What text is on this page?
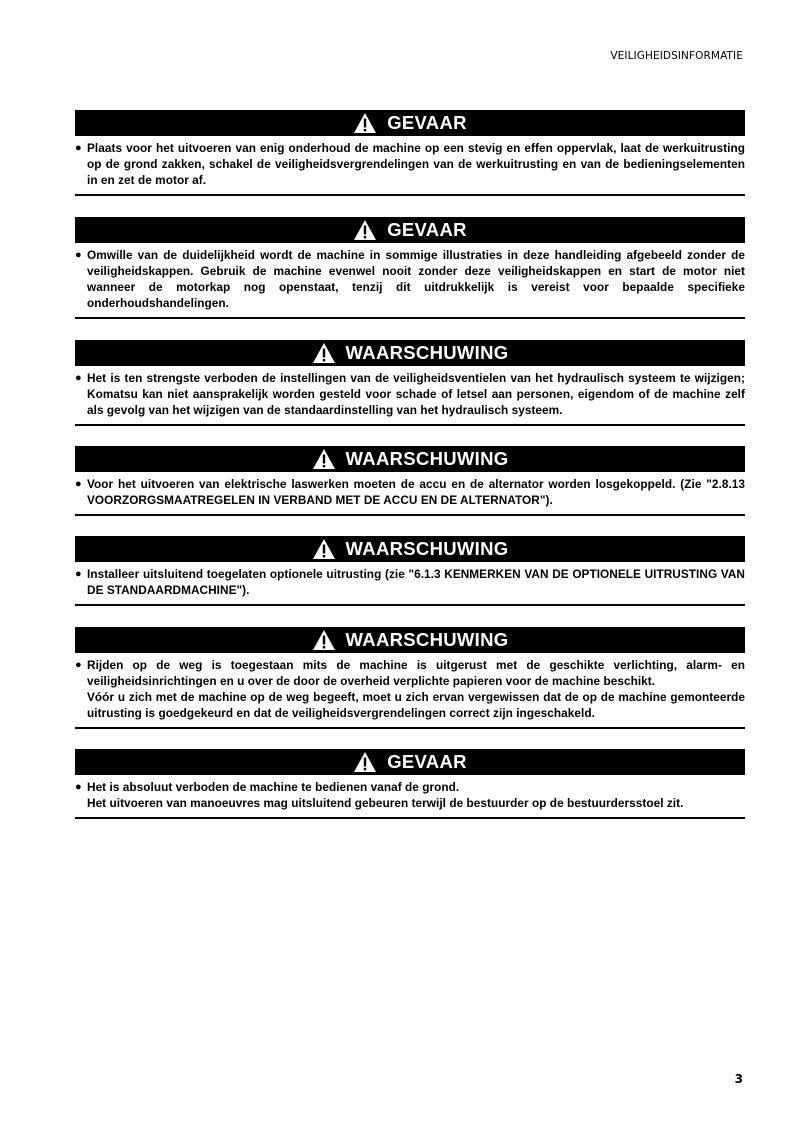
VEILIGHEIDSINFORMATIE
GEVAAR
● Plaats voor het uitvoeren van enig onderhoud de machine op een stevig en effen oppervlak, laat de werkuitrusting op de grond zakken, schakel de veiligheidsvergrendelingen van de werkuitrusting en van de bedieningselementen in en zet de motor af.

GEVAAR
● Omwille van de duidelijkheid wordt de machine in sommige illustraties in deze handleiding afgebeeld zonder de veiligheidskappen. Gebruik de machine evenwel nooit zonder deze veiligheidskappen en start de motor niet wanneer de motorkap nog openstaat, tenzij dit uitdrukkelijk is vereist voor bepaalde specifieke onderhoudshandelingen.

WAARSCHUWING
● Het is ten strengste verboden de instellingen van de veiligheidsventielen van het hydraulisch systeem te wijzigen; Komatsu kan niet aansprakelijk worden gesteld voor schade of letsel aan personen, eigendom of de machine zelf als gevolg van het wijzigen van de standaardinstelling van het hydraulisch systeem.

WAARSCHUWING
● Voor het uitvoeren van elektrische laswerken moeten de accu en de alternator worden losgekoppeld. (Zie "2.8.13 VOORZORGSMAATREGELEN IN VERBAND MET DE ACCU EN DE ALTERNATOR").

WAARSCHUWING
● Installeer uitsluitend toegelaten optionele uitrusting (zie "6.1.3 KENMERKEN VAN DE OPTIONELE UITRUSTING VAN DE STANDAARDMACHINE").

WAARSCHUWING
● Rijden op de weg is toegestaan mits de machine is uitgerust met de geschikte verlichting, alarm- en veiligheidsinrichtingen en u over de door de overheid verplichte papieren voor de machine beschikt.

Vóór u zich met de machine op de weg begeeft, moet u zich ervan vergewissen dat de op de machine gemonteerde uitrusting is goedgekeurd en dat de veiligheidsvergrendelingen correct zijn ingeschakeld.

GEVAAR
● Het is absoluut verboden de machine te bedienen vanaf de grond.

Het uitvoeren van manoeuvres mag uitsluitend gebeuren terwijl de bestuurder op de bestuurdersstoel zit.

3
